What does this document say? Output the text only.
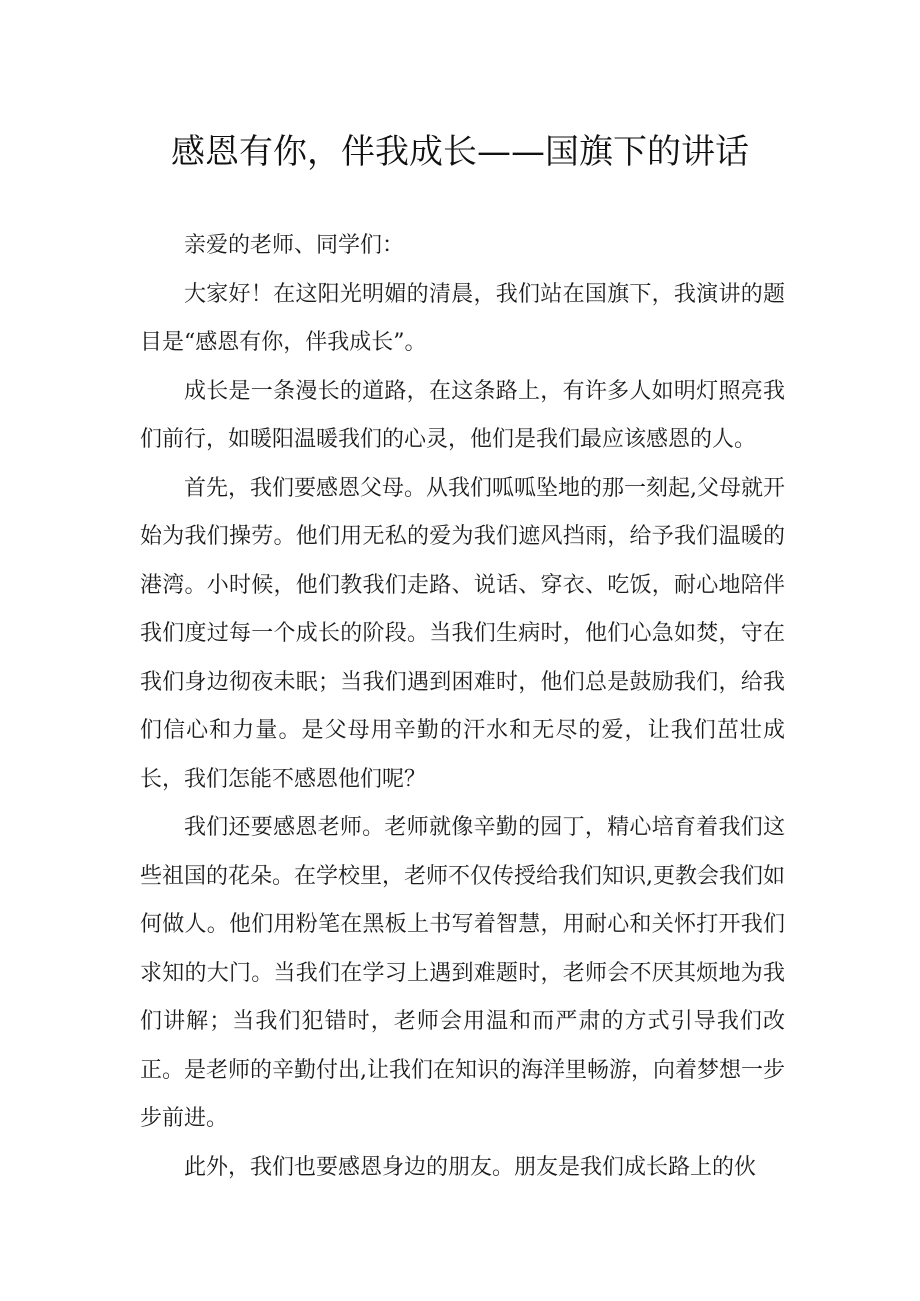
感恩有你，伴我成长——国旗下的讲话

亲爱的老师、同学们：

大家好！在这阳光明媚的清晨，我们站在国旗下，我演讲的题目是“感恩有你，伴我成长”。

成长是一条漫长的道路，在这条路上，有许多人如明灯照亮我们前行，如暖阳温暖我们的心灵，他们是我们最应该感恩的人。

首先，我们要感恩父母。从我们呱呱坠地的那一刻起,父母就开始为我们操劳。他们用无私的爱为我们遮风挡雨，给予我们温暖的港湾。小时候，他们教我们走路、说话、穿衣、吃饭，耐心地陪伴我们度过每一个成长的阶段。当我们生病时，他们心急如焚，守在我们身边彻夜未眠；当我们遇到困难时，他们总是鼓励我们，给我们信心和力量。是父母用辛勤的汗水和无尽的爱，让我们茁壮成长，我们怎能不感恩他们呢？

我们还要感恩老师。老师就像辛勤的园丁，精心培育着我们这些祖国的花朵。在学校里，老师不仅传授给我们知识,更教会我们如何做人。他们用粉笔在黑板上书写着智慧，用耐心和关怀打开我们求知的大门。当我们在学习上遇到难题时，老师会不厌其烦地为我们讲解；当我们犯错时，老师会用温和而严肃的方式引导我们改正。是老师的辛勤付出,让我们在知识的海洋里畅游，向着梦想一步步前进。

此外，我们也要感恩身边的朋友。朋友是我们成长路上的伙
